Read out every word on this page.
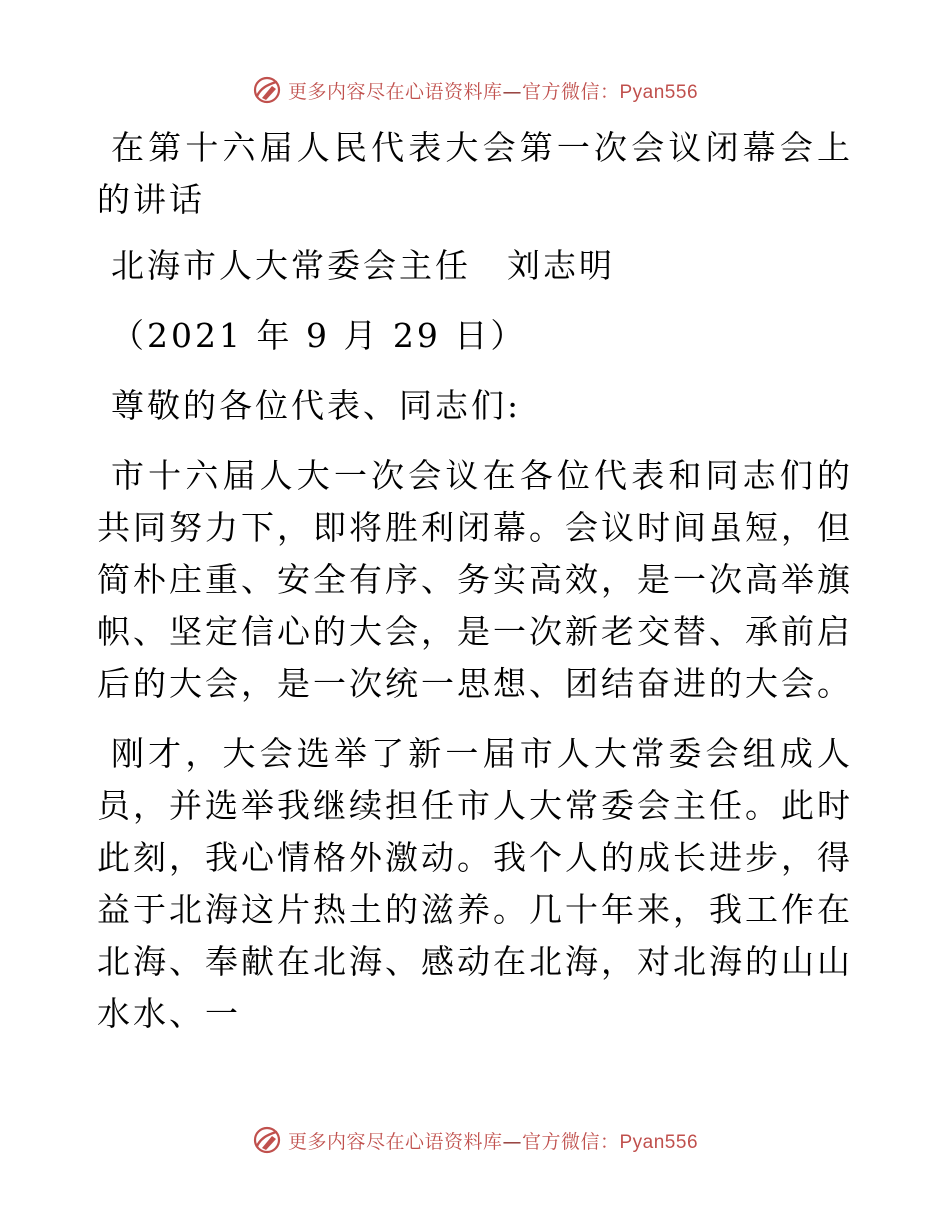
更多内容尽在心语资料库—官方微信：Pyan556

在第十六届人民代表大会第一次会议闭幕会上的讲话

北海市人大常委会主任　刘志明

（2021 年 9 月 29 日）

尊敬的各位代表、同志们:

市十六届人大一次会议在各位代表和同志们的共同努力下，即将胜利闭幕。会议时间虽短，但简朴庄重、安全有序、务实高效，是一次高举旗帜、坚定信心的大会，是一次新老交替、承前启后的大会，是一次统一思想、团结奋进的大会。

刚才，大会选举了新一届市人大常委会组成人员，并选举我继续担任市人大常委会主任。此时此刻，我心情格外激动。我个人的成长进步，得益于北海这片热土的滋养。几十年来，我工作在北海、奉献在北海、感动在北海，对北海的山山水水、一

更多内容尽在心语资料库—官方微信：Pyan556
